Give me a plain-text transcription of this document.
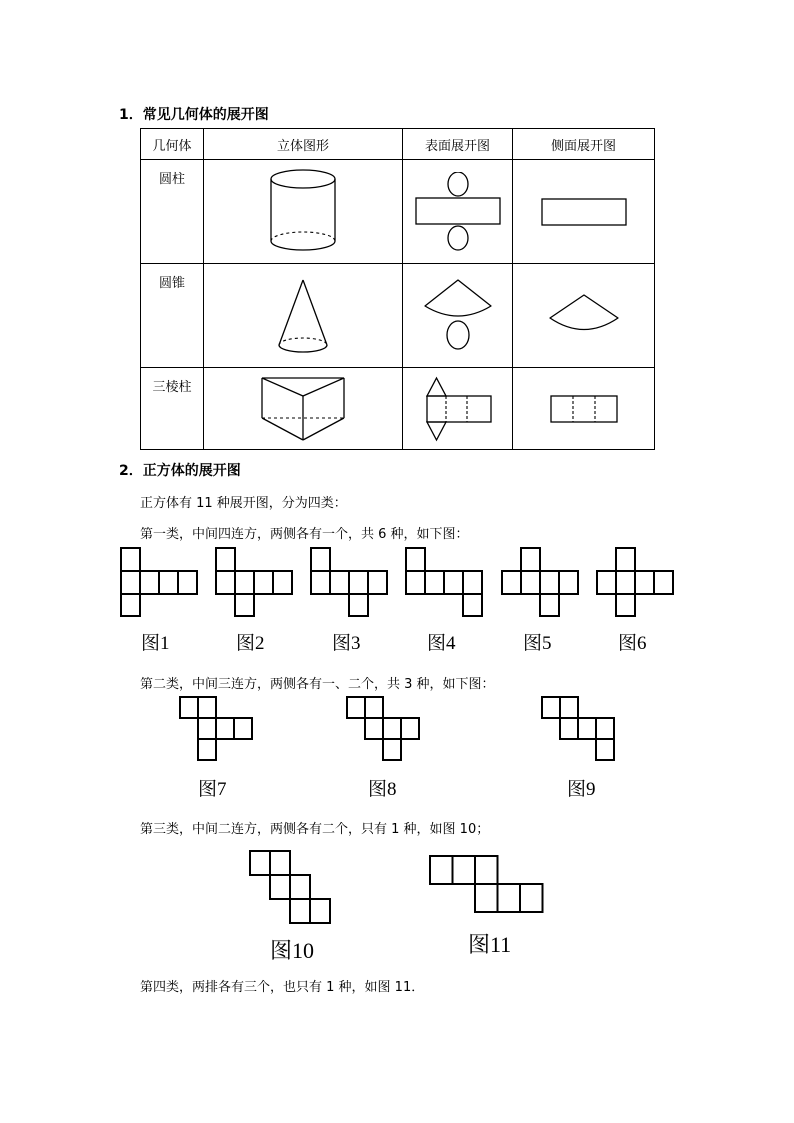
1．常见几何体的展开图
几何体	立体图形	表面展开图	侧面展开图
圆柱	

圆锥	

三棱柱	

2．正方体的展开图
正方体有 11 种展开图，分为四类：
第一类，中间四连方，两侧各有一个，共 6 种，如下图：
图1	图2	图3	图4	图5	图6
第二类，中间三连方，两侧各有一、二个，共 3 种，如下图：
图7	图8	图9
第三类，中间二连方，两侧各有二个，只有 1 种，如图 10；
图10	图11
第四类，两排各有三个，也只有 1 种，如图 11．
